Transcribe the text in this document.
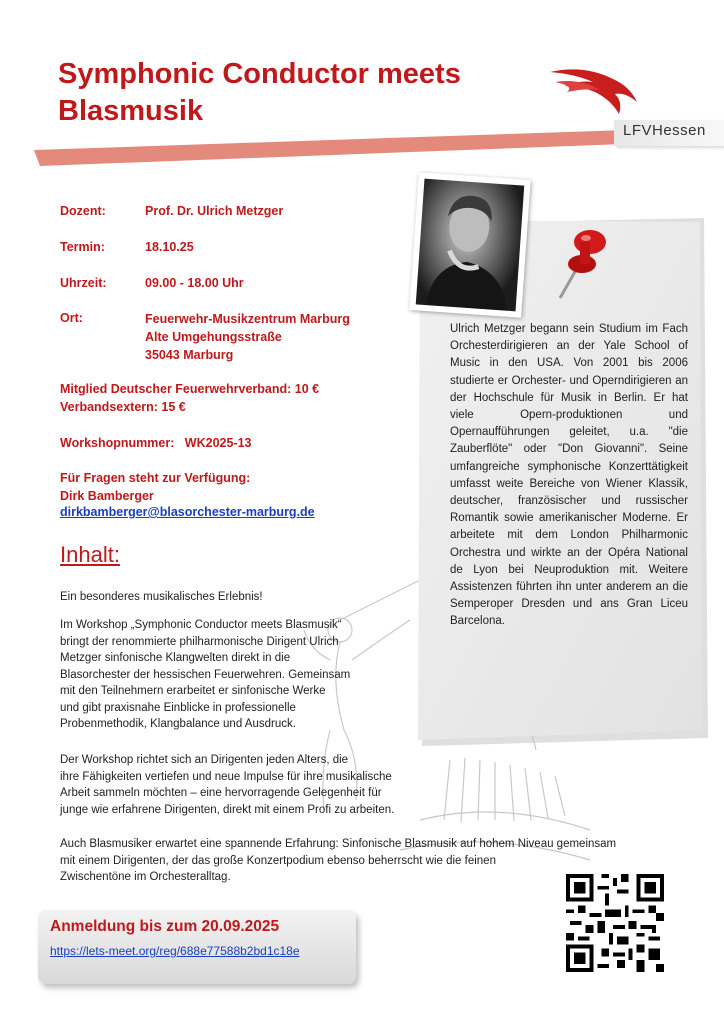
Symphonic Conductor meets
Blasmusik
LFVHessen
Dozent:	Prof. Dr. Ulrich Metzger
Termin:	18.10.25
Uhrzeit:	09.00 - 18.00 Uhr
Ort:	Feuerwehr-Musikzentrum Marburg
Alte Umgehungsstraße
35043 Marburg
Mitglied Deutscher Feuerwehrverband: 10 €
Verbandsextern: 15 €
Workshopnummer: WK2025-13
Für Fragen steht zur Verfügung:
Dirk Bamberger
dirkbamberger@blasorchester-marburg.de
Inhalt:
Ein besonderes musikalisches Erlebnis!
Im Workshop „Symphonic Conductor meets Blasmusik“
bringt der renommierte philharmonische Dirigent Ulrich
Metzger sinfonische Klangwelten direkt in die
Blasorchester der hessischen Feuerwehren. Gemeinsam
mit den Teilnehmern erarbeitet er sinfonische Werke
und gibt praxisnahe Einblicke in professionelle
Probenmethodik, Klangbalance und Ausdruck.
Der Workshop richtet sich an Dirigenten jeden Alters, die
ihre Fähigkeiten vertiefen und neue Impulse für ihre musikalische
Arbeit sammeln möchten – eine hervorragende Gelegenheit für
junge wie erfahrene Dirigenten, direkt mit einem Profi zu arbeiten.
Auch Blasmusiker erwartet eine spannende Erfahrung: Sinfonische Blasmusik auf hohem Niveau gemeinsam
mit einem Dirigenten, der das große Konzertpodium ebenso beherrscht wie die feinen
Zwischentöne im Orchesteralltag.
Ulrich Metzger begann sein Studium im Fach Orchesterdirigieren an der Yale School of Music in den USA. Von 2001 bis 2006 studierte er Orchester- und Operndirigieren an der Hochschule für Musik in Berlin. Er hat viele Opern-produktionen und Opernaufführungen geleitet, u.a. "die Zauberflöte" oder "Don Giovanni". Seine umfangreiche symphonische Konzerttätigkeit umfasst weite Bereiche von Wiener Klassik, deutscher, französischer und russischer Romantik sowie amerikanischer Moderne. Er arbeitete mit dem London Philharmonic Orchestra und wirkte an der Opéra National de Lyon bei Neuproduktion mit. Weitere Assistenzen führten ihn unter anderem an die Semperoper Dresden und ans Gran Liceu Barcelona.
Anmeldung bis zum 20.09.2025
https://lets-meet.org/reg/688e77588b2bd1c18e
